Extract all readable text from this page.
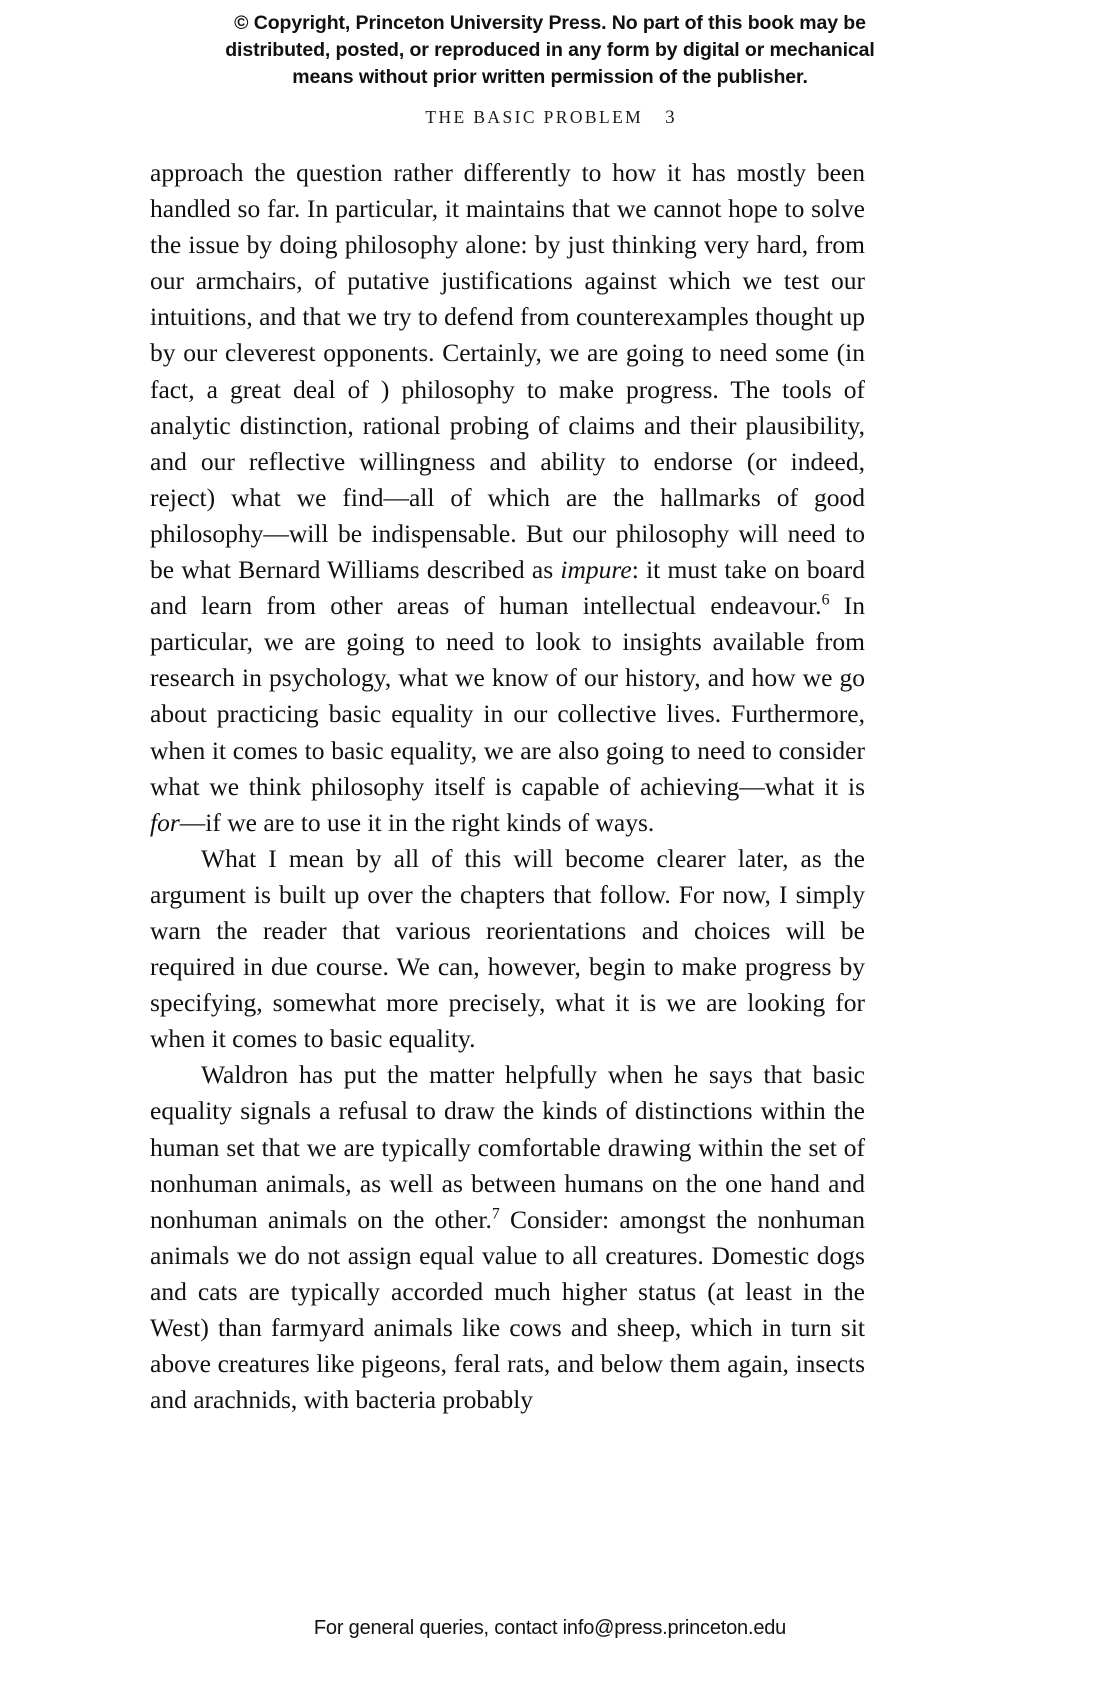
© Copyright, Princeton University Press. No part of this book may be
distributed, posted, or reproduced in any form by digital or mechanical
means without prior written permission of the publisher.
THE BASIC PROBLEM 3

approach the question rather differently to how it has mostly been handled so far. In particular, it maintains that we cannot hope to solve the issue by doing philosophy alone: by just thinking very hard, from our armchairs, of putative justifications against which we test our intuitions, and that we try to defend from counterexamples thought up by our cleverest opponents. Certainly, we are going to need some (in fact, a great deal of ) philosophy to make progress. The tools of analytic distinction, rational probing of claims and their plausibility, and our reflective willingness and ability to endorse (or indeed, reject) what we find—all of which are the hallmarks of good philosophy—will be indispensable. But our philosophy will need to be what Bernard Williams described as impure: it must take on board and learn from other areas of human intellectual endeavour.$^6$ In particular, we are going to need to look to insights available from research in psychology, what we know of our history, and how we go about practicing basic equality in our collective lives. Furthermore, when it comes to basic equality, we are also going to need to consider what we think philosophy itself is capable of achieving—what it is for—if we are to use it in the right kinds of ways.

What I mean by all of this will become clearer later, as the argument is built up over the chapters that follow. For now, I simply warn the reader that various reorientations and choices will be required in due course. We can, however, begin to make progress by specifying, somewhat more precisely, what it is we are looking for when it comes to basic equality.

Waldron has put the matter helpfully when he says that basic equality signals a refusal to draw the kinds of distinctions within the human set that we are typically comfortable drawing within the set of nonhuman animals, as well as between humans on the one hand and nonhuman animals on the other.$^7$ Consider: amongst the nonhuman animals we do not assign equal value to all creatures. Domestic dogs and cats are typically accorded much higher status (at least in the West) than farmyard animals like cows and sheep, which in turn sit above creatures like pigeons, feral rats, and below them again, insects and arachnids, with bacteria probably

For general queries, contact info@press.princeton.edu
